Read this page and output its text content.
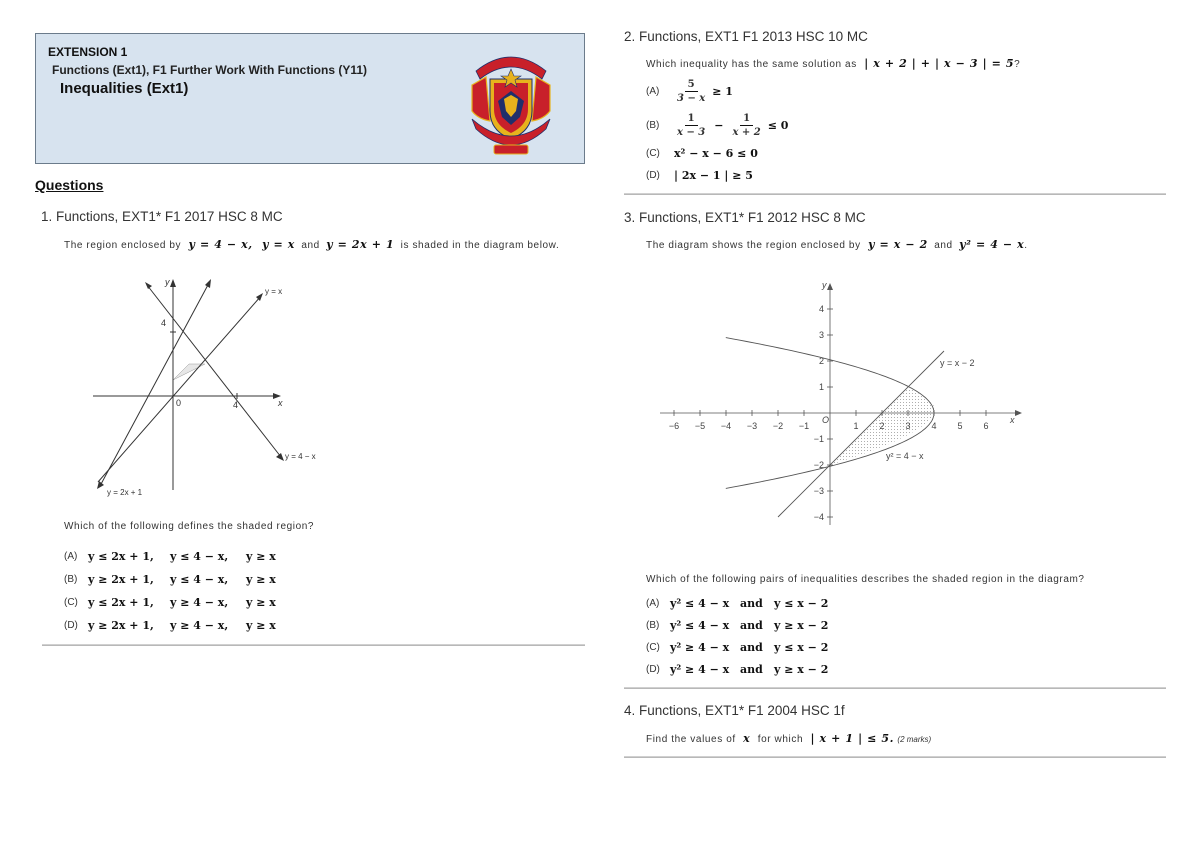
EXTENSION 1
Functions (Ext1), F1 Further Work With Functions (Y11)
Inequalities (Ext1)
Questions
1. Functions, EXT1* F1 2017 HSC 8 MC
The region enclosed by y = 4 − x, y = x and y = 2x + 1 is shaded in the diagram below.
y
x
4
4
0
y = x
y = 4 − x
y = 2x + 1
Which of the following defines the shaded region?
(A) y ≤ 2x + 1,	y ≤ 4 − x,	y ≥ x
(B) y ≥ 2x + 1,	y ≤ 4 − x,	y ≥ x
(C) y ≤ 2x + 1,	y ≥ 4 − x,	y ≥ x
(D) y ≥ 2x + 1,	y ≥ 4 − x,	y ≥ x
2. Functions, EXT1 F1 2013 HSC 10 MC
Which inequality has the same solution as | x + 2 | + | x − 3 | = 5?
(A)	$\frac{5}{3 - x} \ge 1$
(B)	$\frac{1}{x - 3} - \frac{1}{x + 2} \le 0$
(C)	x² − x − 6 ≤ 0
(D)	| 2x − 1 | ≥ 5
3. Functions, EXT1* F1 2012 HSC 8 MC
The diagram shows the region enclosed by y = x − 2 and y² = 4 − x.
−6 −5 −4 −3 −2 −1	1 2 3 4 5 6
4
3
2
1
−1
−2
−3
−4
y
x
O
y = x − 2
y² = 4 − x
Which of the following pairs of inequalities describes the shaded region in the diagram?
(A) y² ≤ 4 − x and	y ≤ x − 2
(B) y² ≤ 4 − x and	y ≥ x − 2
(C) y² ≥ 4 − x and	y ≤ x − 2
(D) y² ≥ 4 − x and	y ≥ x − 2
4. Functions, EXT1* F1 2004 HSC 1f
Find the values of x for which | x + 1 | ≤ 5. (2 marks)
